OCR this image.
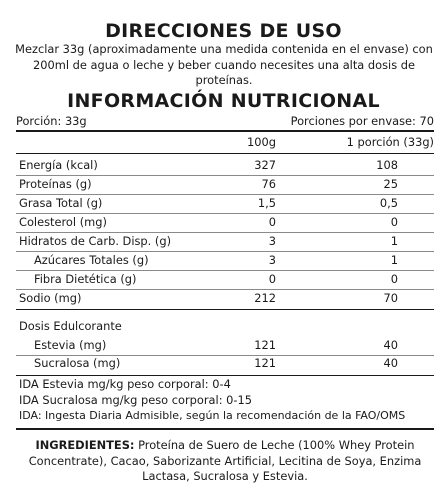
DIRECCIONES DE USO
Mezclar 33g (aproximadamente una medida contenida en el envase) con 200ml de agua o leche y beber cuando necesites una alta dosis de proteínas.
INFORMACIÓN NUTRICIONAL
Porción: 33g	Porciones por envase: 70
100g	1 porción (33g)
Energía (kcal)	327	108
Proteínas (g)	76	25
Grasa Total (g)	1,5	0,5
Colesterol (mg)	0	0
Hidratos de Carb. Disp. (g)	3	1
Azúcares Totales (g)	3	1
Fibra Dietética (g)	0	0
Sodio (mg)	212	70
Dosis Edulcorante
Estevia (mg)	121	40
Sucralosa (mg)	121	40
IDA Estevia mg/kg peso corporal: 0-4
IDA Sucralosa mg/kg peso corporal: 0-15
IDA: Ingesta Diaria Admisible, según la recomendación de la FAO/OMS
INGREDIENTES: Proteína de Suero de Leche (100% Whey Protein Concentrate), Cacao, Saborizante Artificial, Lecitina de Soya, Enzima Lactasa, Sucralosa y Estevia.
